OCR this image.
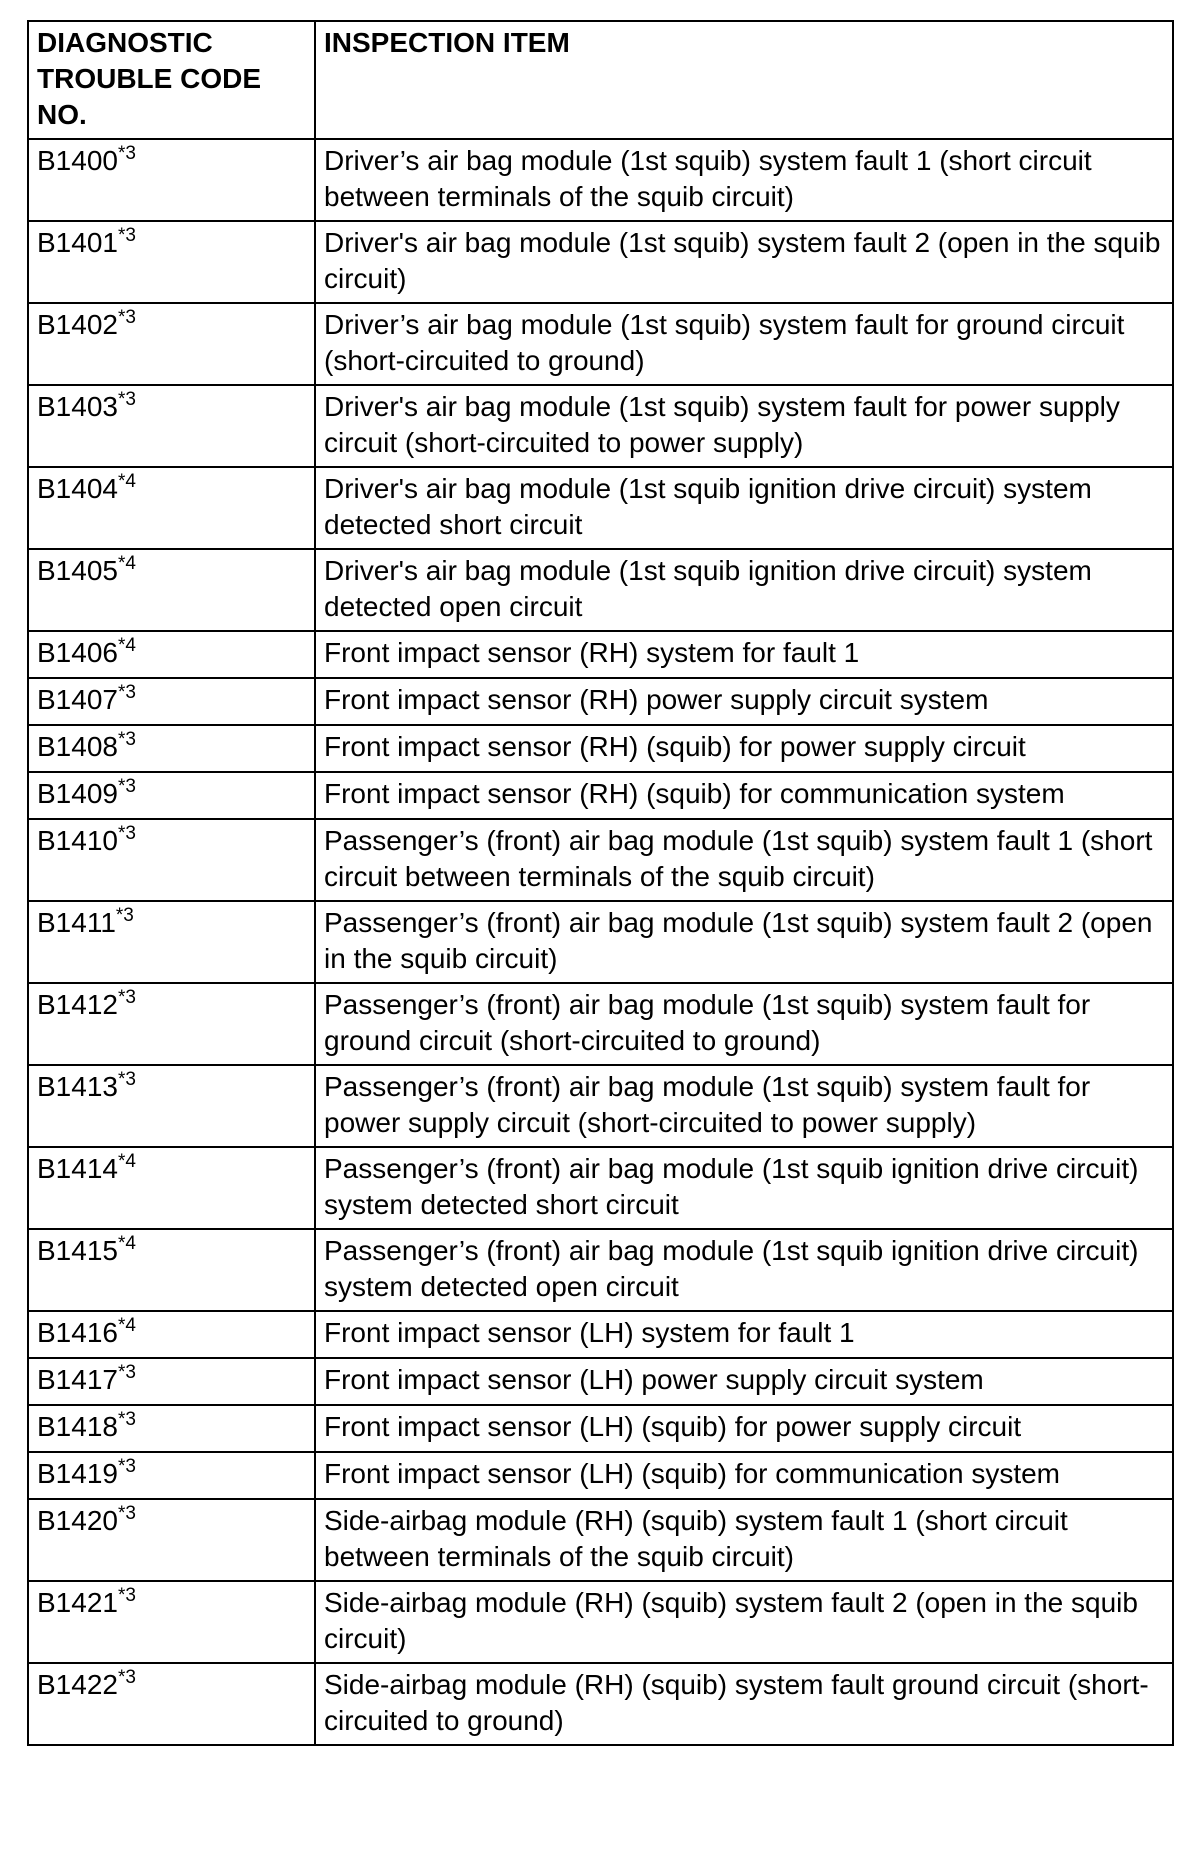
DIAGNOSTIC TROUBLE CODE NO.	INSPECTION ITEM
B1400$^{*3}$	Driver’s air bag module (1st squib) system fault 1 (short circuit between terminals of the squib circuit)
B1401$^{*3}$	Driver's air bag module (1st squib) system fault 2 (open in the squib circuit)
B1402$^{*3}$	Driver’s air bag module (1st squib) system fault for ground circuit (short-circuited to ground)
B1403$^{*3}$	Driver's air bag module (1st squib) system fault for power supply circuit (short-circuited to power supply)
B1404$^{*4}$	Driver's air bag module (1st squib ignition drive circuit) system detected short circuit
B1405$^{*4}$	Driver's air bag module (1st squib ignition drive circuit) system detected open circuit
B1406$^{*4}$	Front impact sensor (RH) system for fault 1
B1407$^{*3}$	Front impact sensor (RH) power supply circuit system
B1408$^{*3}$	Front impact sensor (RH) (squib) for power supply circuit
B1409$^{*3}$	Front impact sensor (RH) (squib) for communication system
B1410$^{*3}$	Passenger’s (front) air bag module (1st squib) system fault 1 (short circuit between terminals of the squib circuit)
B1411$^{*3}$	Passenger’s (front) air bag module (1st squib) system fault 2 (open in the squib circuit)
B1412$^{*3}$	Passenger’s (front) air bag module (1st squib) system fault for ground circuit (short-circuited to ground)
B1413$^{*3}$	Passenger’s (front) air bag module (1st squib) system fault for power supply circuit (short-circuited to power supply)
B1414$^{*4}$	Passenger’s (front) air bag module (1st squib ignition drive circuit) system detected short circuit
B1415$^{*4}$	Passenger’s (front) air bag module (1st squib ignition drive circuit) system detected open circuit
B1416$^{*4}$	Front impact sensor (LH) system for fault 1
B1417$^{*3}$	Front impact sensor (LH) power supply circuit system
B1418$^{*3}$	Front impact sensor (LH) (squib) for power supply circuit
B1419$^{*3}$	Front impact sensor (LH) (squib) for communication system
B1420$^{*3}$	Side-airbag module (RH) (squib) system fault 1 (short circuit between terminals of the squib circuit)
B1421$^{*3}$	Side-airbag module (RH) (squib) system fault 2 (open in the squib circuit)
B1422$^{*3}$	Side-airbag module (RH) (squib) system fault ground circuit (short-circuited to ground)
